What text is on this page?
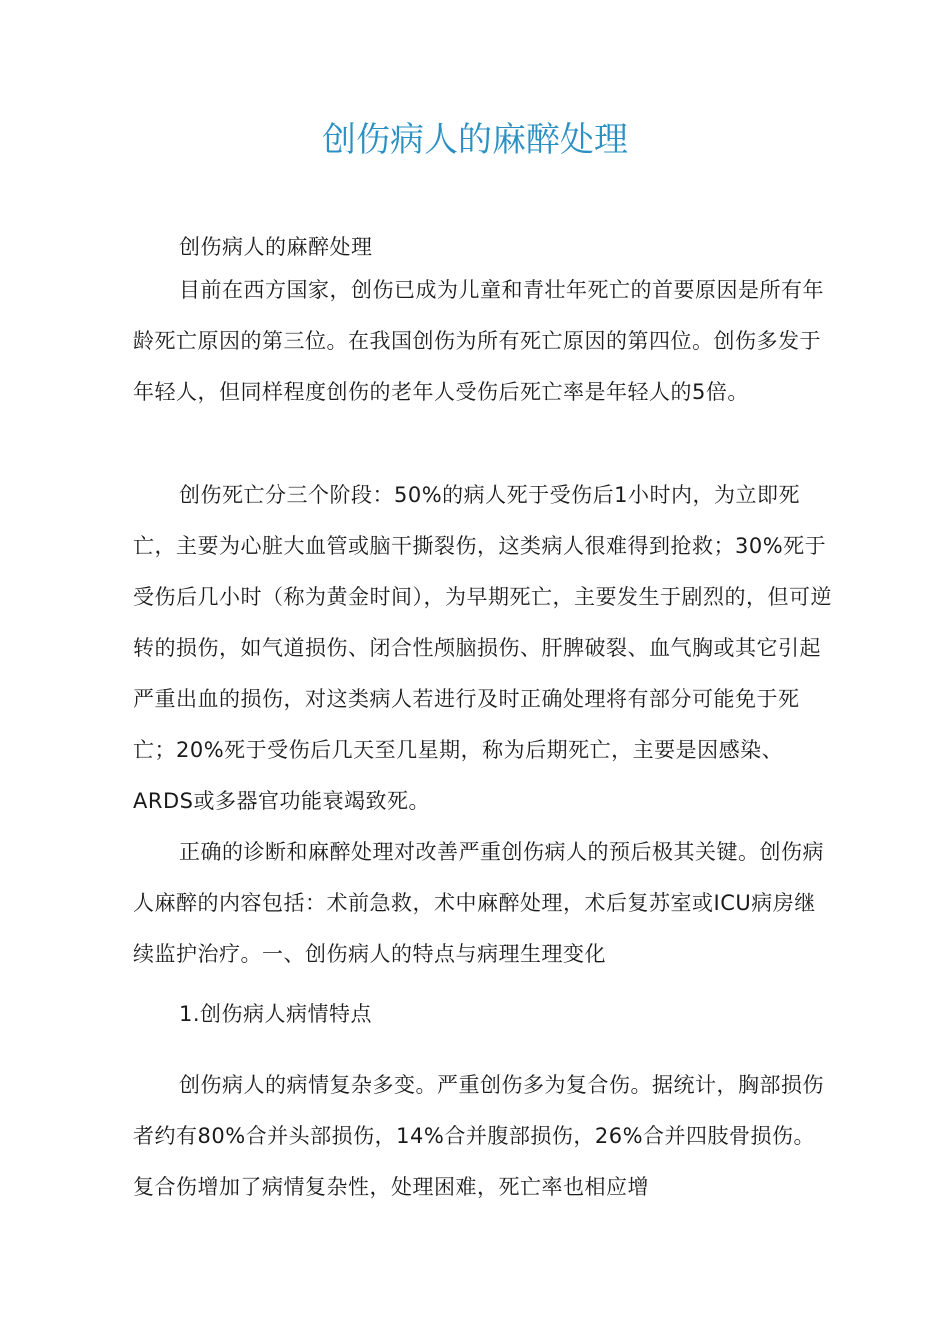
创伤病人的麻醉处理

创伤病人的麻醉处理

目前在西方国家，创伤已成为儿童和青壮年死亡的首要原因是所有年龄死亡原因的第三位。在我国创伤为所有死亡原因的第四位。创伤多发于年轻人，但同样程度创伤的老年人受伤后死亡率是年轻人的5倍。

创伤死亡分三个阶段：50%的病人死于受伤后1小时内，为立即死亡，主要为心脏大血管或脑干撕裂伤，这类病人很难得到抢救；30%死于受伤后几小时（称为黄金时间），为早期死亡，主要发生于剧烈的，但可逆转的损伤，如气道损伤、闭合性颅脑损伤、肝脾破裂、血气胸或其它引起严重出血的损伤，对这类病人若进行及时正确处理将有部分可能免于死亡；20%死于受伤后几天至几星期，称为后期死亡，主要是因感染、ARDS或多器官功能衰竭致死。

正确的诊断和麻醉处理对改善严重创伤病人的预后极其关键。创伤病人麻醉的内容包括：术前急救，术中麻醉处理，术后复苏室或ICU病房继续监护治疗。一、创伤病人的特点与病理生理变化

1.创伤病人病情特点

创伤病人的病情复杂多变。严重创伤多为复合伤。据统计，胸部损伤者约有80%合并头部损伤，14%合并腹部损伤，26%合并四肢骨损伤。复合伤增加了病情复杂性，处理困难，死亡率也相应增
